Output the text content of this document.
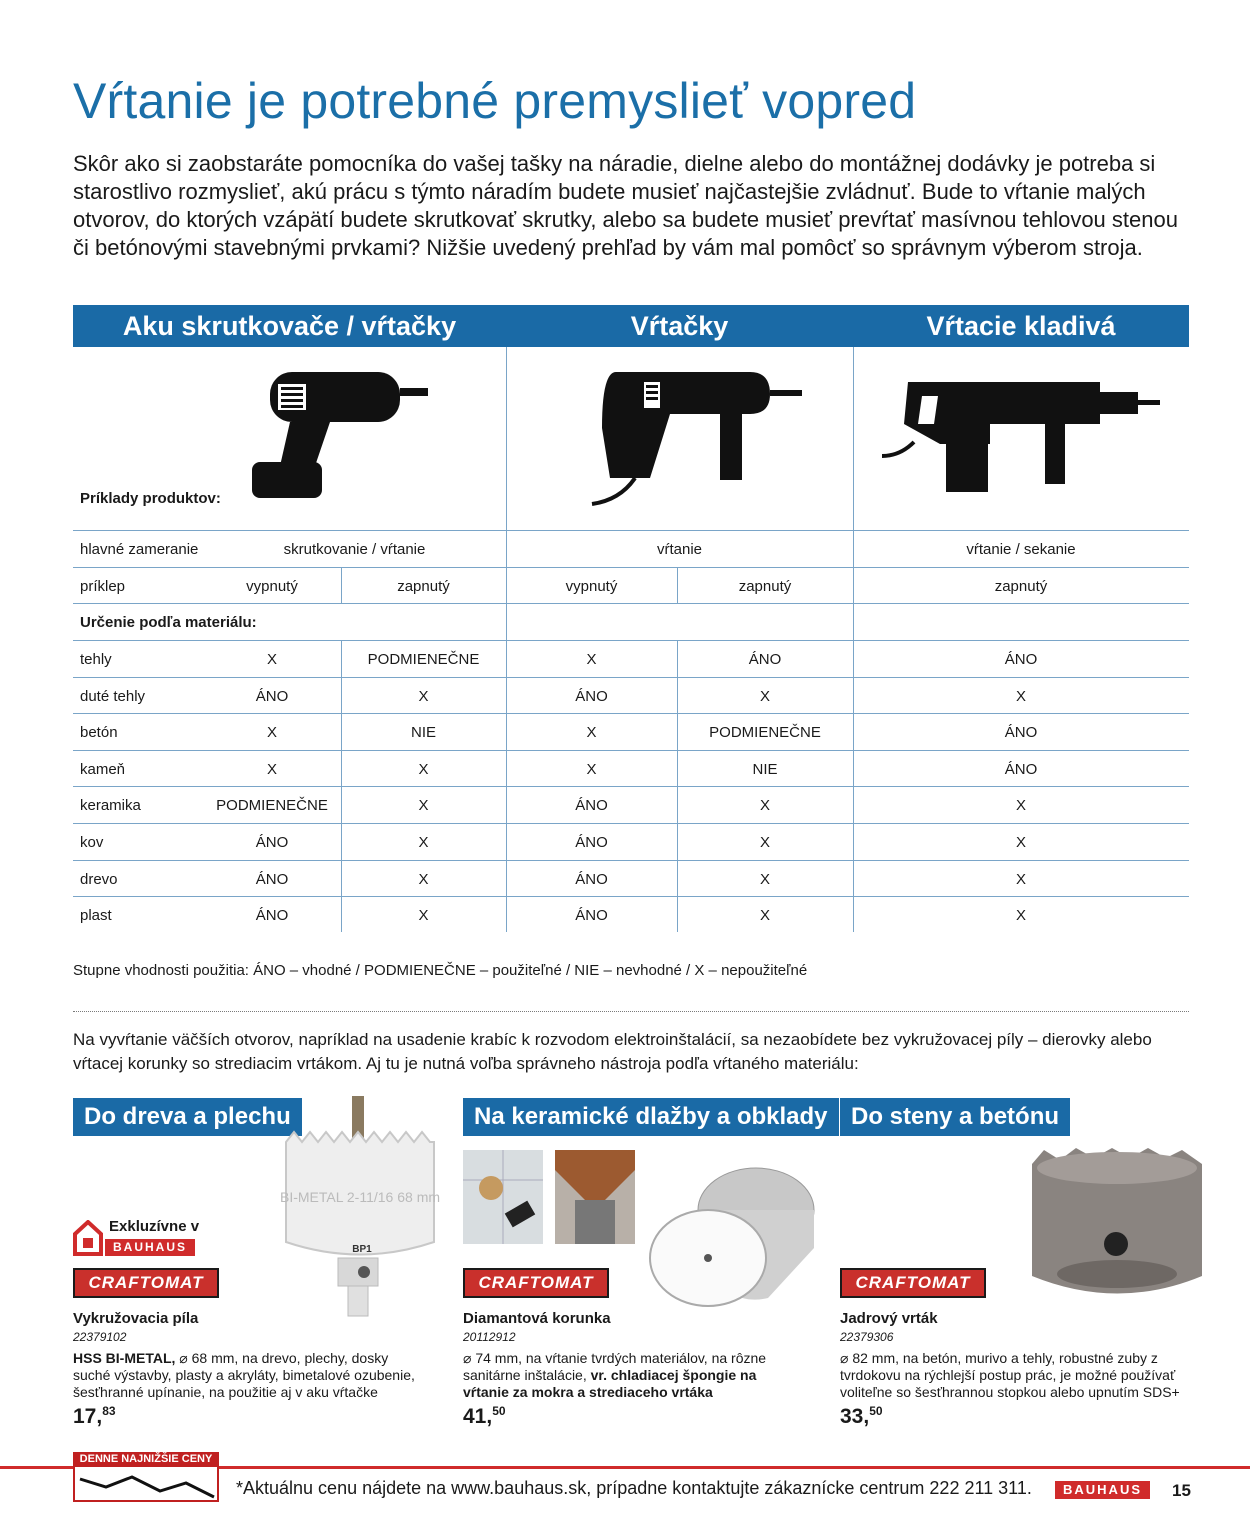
Vŕtanie je potrebné premyslieť vopred
Skôr ako si zaobstaráte pomocníka do vašej tašky na náradie, dielne alebo do montážnej dodávky je potreba si starostlivo rozmyslieť, akú prácu s týmto náradím budete musieť najčastejšie zvládnuť. Bude to vŕtanie malých otvorov, do ktorých vzápätí budete skrutkovať skrutky, alebo sa budete musieť prevŕtať masívnou tehlovou stenou či betónovými stavebnými prvkami? Nižšie uvedený prehľad by vám mal pomôcť so správnym výberom stroja.
Aku skrutkovače / vŕtačky	Vŕtačky	Vŕtacie kladivá
Príklady produktov:
hlavné zameranie	skrutkovanie / vŕtanie	vŕtanie	vŕtanie / sekanie
príklep	vypnutý	zapnutý	vypnutý	zapnutý	zapnutý
Určenie podľa materiálu:
tehly	X	PODMIENEČNE	X	ÁNO	ÁNO
duté tehly	ÁNO	X	ÁNO	X	X
betón	X	NIE	X	PODMIENEČNE	ÁNO
kameň	X	X	X	NIE	ÁNO
keramika	PODMIENEČNE	X	ÁNO	X	X
kov	ÁNO	X	ÁNO	X	X
drevo	ÁNO	X	ÁNO	X	X
plast	ÁNO	X	ÁNO	X	X
Stupne vhodnosti použitia: ÁNO – vhodné / PODMIENEČNE – použiteľné / NIE – nevhodné / X – nepoužiteľné
Na vyvŕtanie väčších otvorov, napríklad na usadenie krabíc k rozvodom elektroinštalácií, sa nezaobídete bez vykružovacej píly – dierovky alebo vŕtacej korunky so strediacim vrtákom. Aj tu je nutná voľba správneho nástroja podľa vŕtaného materiálu:
Do dreva a plechu	Na keramické dlažby a obklady Do steny a betónu
BI-METAL 2-11/16 68 mm
BP1
Exkluzívne v
BAUHAUS
CRAFTOMAT	CRAFTOMAT	CRAFTOMAT
Vykružovacia píla
22379102
HSS BI-METAL, ⌀ 68 mm, na drevo, plechy, dosky suché výstavby, plasty a akryláty, bimetalové ozubenie, šesťhranné upínanie, na použitie aj v aku vŕtačke
17,83
Diamantová korunka
20112912
⌀ 74 mm, na vŕtanie tvrdých materiálov, na rôzne sanitárne inštalácie, vr. chladiacej špongie na vŕtanie za mokra a strediaceho vrtáka
41,50
Jadrový vrták
22379306
⌀ 82 mm, na betón, murivo a tehly, robustné zuby z tvrdokovu na rýchlejší postup prác, je možné používať voliteľne so šesťhrannou stopkou alebo upnutím SDS+
33,50
DENNE NAJNIŽŠIE CENY
*Aktuálnu cenu nájdete na www.bauhaus.sk, prípadne kontaktujte zákaznícke centrum 222 211 311.	BAUHAUS	15
